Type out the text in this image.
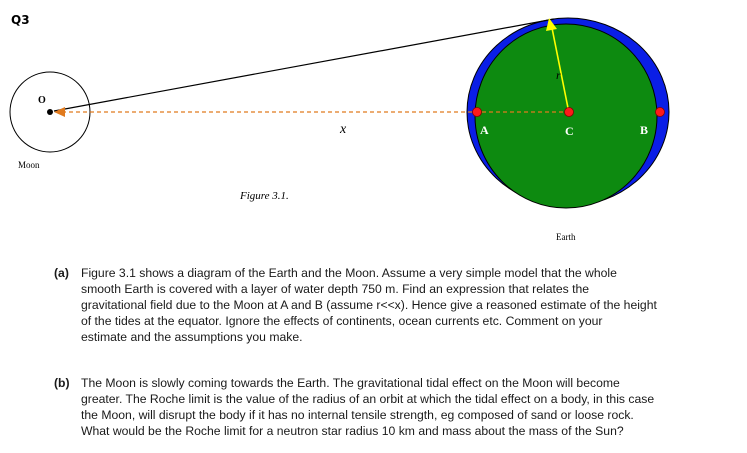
Q3
O
x
r
A	C	B
Moon
Figure 3.1.
Earth
(a) Figure 3.1 shows a diagram of the Earth and the Moon. Assume a very simple model that the whole
smooth Earth is covered with a layer of water depth 750 m. Find an expression that relates the
gravitational field due to the Moon at A and B (assume r<<x). Hence give a reasoned estimate of the height
of the tides at the equator. Ignore the effects of continents, ocean currents etc. Comment on your
estimate and the assumptions you make.
(b) The Moon is slowly coming towards the Earth. The gravitational tidal effect on the Moon will become
greater. The Roche limit is the value of the radius of an orbit at which the tidal effect on a body, in this case
the Moon, will disrupt the body if it has no internal tensile strength, eg composed of sand or loose rock.
What would be the Roche limit for a neutron star radius 10 km and mass about the mass of the Sun?
